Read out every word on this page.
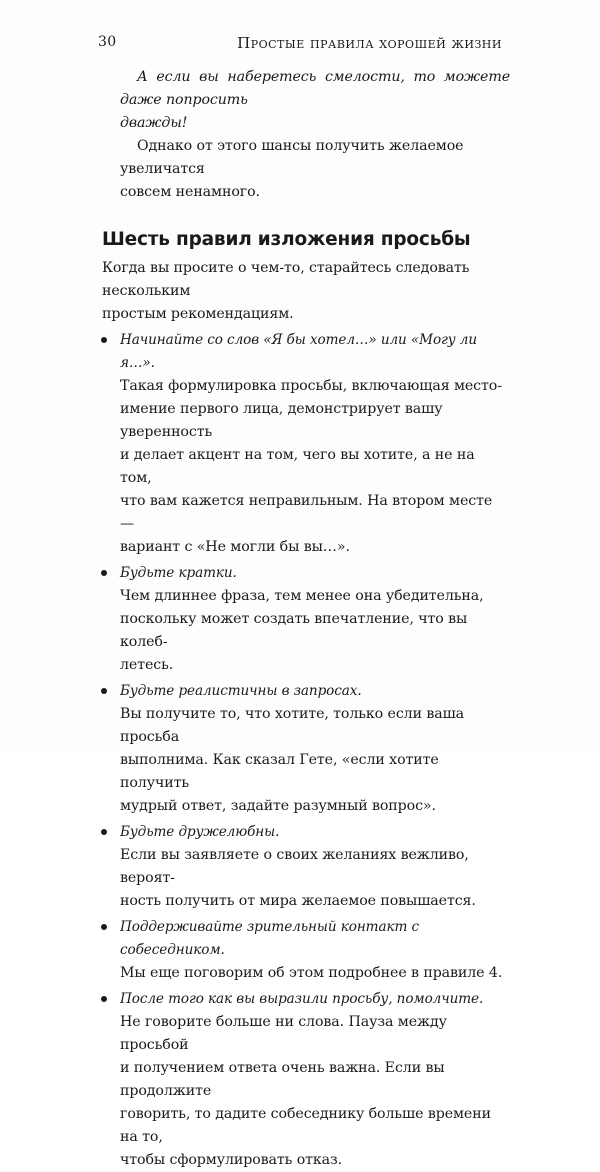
30	Простые правила хорошей жизни

А если вы наберетесь смелости, то можете даже попросить
дважды!

Однако от этого шансы получить желаемое увеличатся
совсем ненамного.

Шесть правил изложения просьбы

Когда вы просите о чем-то, старайтесь следовать нескольким
простым рекомендациям.

Начинайте со слов «Я бы хотел…» или «Могу ли я…».
Такая формулировка просьбы, включающая место-
имение первого лица, демонстрирует вашу уверенность
и делает акцент на том, чего вы хотите, а не на том,
что вам кажется неправильным. На втором месте —
вариант с «Не могли бы вы…».
Будьте кратки.
Чем длиннее фраза, тем менее она убедительна,
поскольку может создать впечатление, что вы колеб-
летесь.
Будьте реалистичны в запросах.
Вы получите то, что хотите, только если ваша просьба
выполнима. Как сказал Гете, «если хотите получить
мудрый ответ, задайте разумный вопрос».
Будьте дружелюбны.
Если вы заявляете о своих желаниях вежливо, вероят-
ность получить от мира желаемое повышается.
Поддерживайте зрительный контакт с собеседником.
Мы еще поговорим об этом подробнее в правиле 4.
После того как вы выразили просьбу, помолчите.
Не говорите больше ни слова. Пауза между просьбой
и получением ответа очень важна. Если вы продолжите
говорить, то дадите собеседнику больше времени на то,
чтобы сформулировать отказ.
